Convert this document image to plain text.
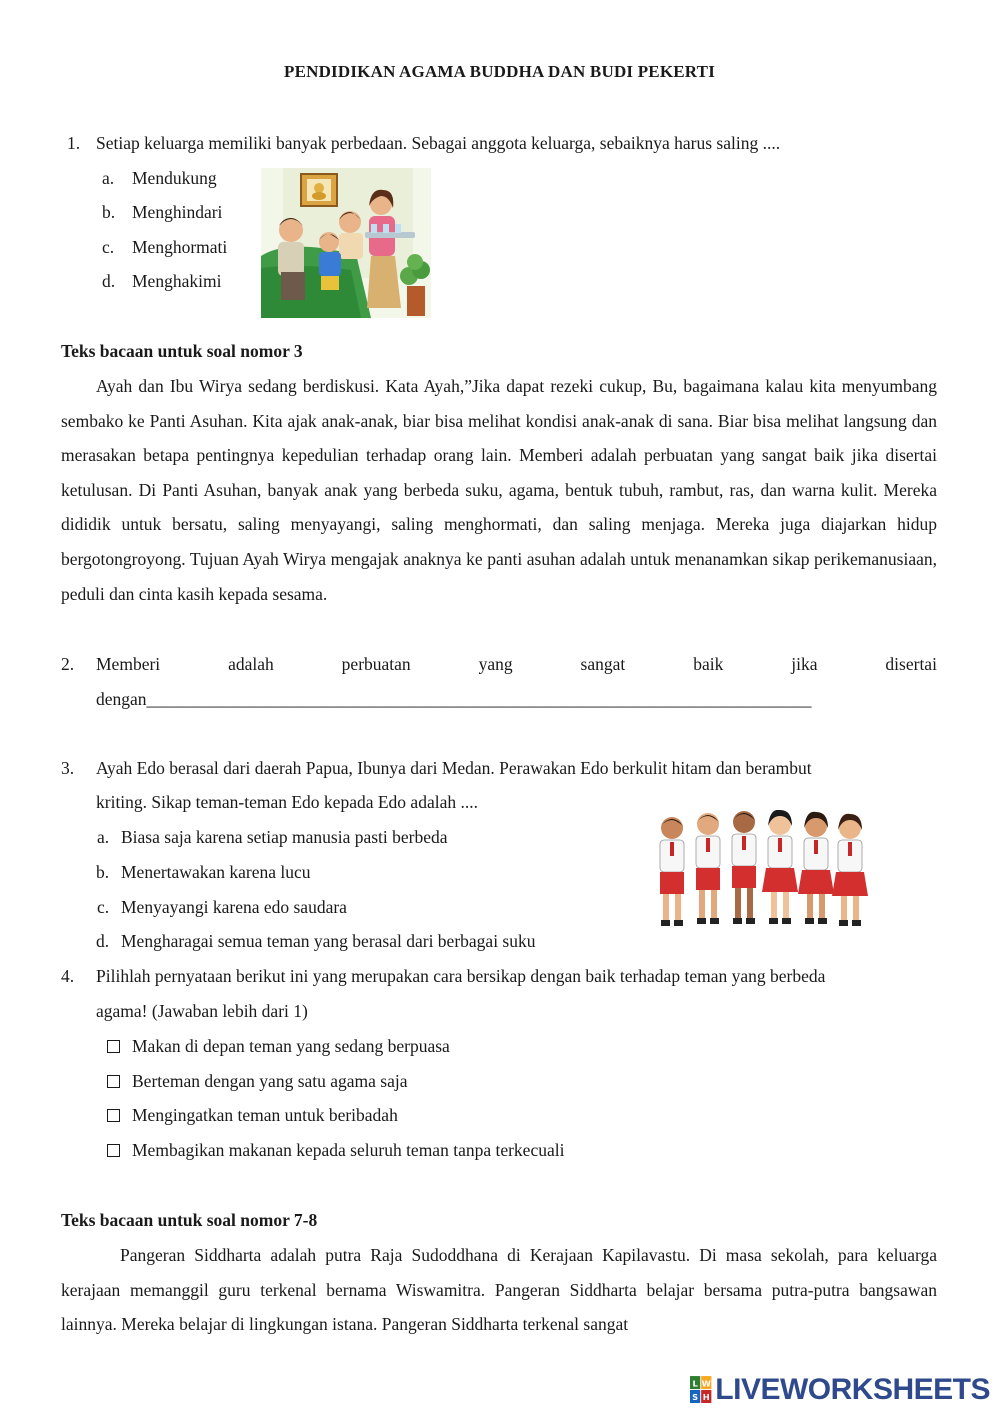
PENDIDIKAN AGAMA BUDDHA DAN BUDI PEKERTI
1. Setiap keluarga memiliki banyak perbedaan. Sebagai anggota keluarga, sebaiknya harus saling ....
a. Mendukung
b. Menghindari
c. Menghormati
d. Menghakimi
Teks bacaan untuk soal nomor 3
Ayah dan Ibu Wirya sedang berdiskusi. Kata Ayah,”Jika dapat rezeki cukup, Bu, bagaimana kalau kita menyumbang sembako ke Panti Asuhan. Kita ajak anak-anak, biar bisa melihat kondisi anak-anak di sana. Biar bisa melihat langsung dan merasakan betapa pentingnya kepedulian terhadap orang lain. Memberi adalah perbuatan yang sangat baik jika disertai ketulusan. Di Panti Asuhan, banyak anak yang berbeda suku, agama, bentuk tubuh, rambut, ras, dan warna kulit. Mereka dididik untuk bersatu, saling menyayangi, saling menghormati, dan saling menjaga. Mereka juga diajarkan hidup bergotongroyong. Tujuan Ayah Wirya mengajak anaknya ke panti asuhan adalah untuk menanamkan sikap perikemanusiaan, peduli dan cinta kasih kepada sesama.
2. Memberi	adalah	perbuatan	yang	sangat	baik	jika	disertai
dengan____________________________________________________________________________
3. Ayah Edo berasal dari daerah Papua, Ibunya dari Medan. Perawakan Edo berkulit hitam dan berambut
kriting. Sikap teman-teman Edo kepada Edo adalah ....
a. Biasa saja karena setiap manusia pasti berbeda
b. Menertawakan karena lucu
c. Menyayangi karena edo saudara
d. Mengharagai semua teman yang berasal dari berbagai suku
4. Pilihlah pernyataan berikut ini yang merupakan cara bersikap dengan baik terhadap teman yang berbeda
agama! (Jawaban lebih dari 1)
Makan di depan teman yang sedang berpuasa
Berteman dengan yang satu agama saja
Mengingatkan teman untuk beribadah
Membagikan makanan kepada seluruh teman tanpa terkecuali
Teks bacaan untuk soal nomor 7-8
Pangeran Siddharta adalah putra Raja Sudoddhana di Kerajaan Kapilavastu. Di masa sekolah, para keluarga kerajaan memanggil guru terkenal bernama Wiswamitra. Pangeran Siddharta belajar bersama putra-putra bangsawan lainnya. Mereka belajar di lingkungan istana. Pangeran Siddharta terkenal sangat
L W
S H LIVEWORKSHEETS
